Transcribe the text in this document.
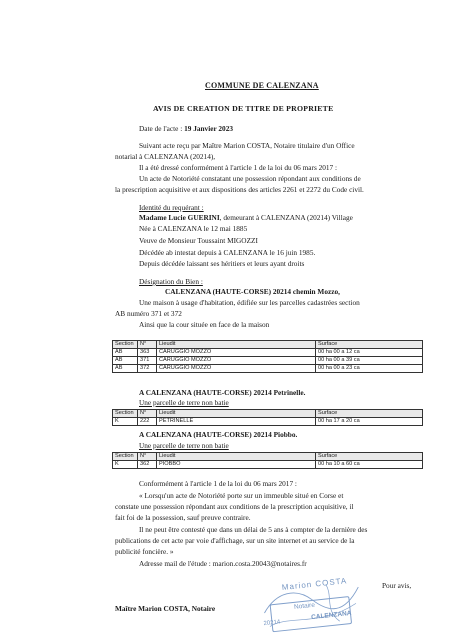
COMMUNE DE CALENZANA
AVIS DE CREATION DE TITRE DE PROPRIETE
Date de l'acte : 19 Janvier 2023
Suivant acte reçu par Maître Marion COSTA, Notaire titulaire d'un Office
notarial à CALENZANA (20214),
Il a été dressé conformément à l'article 1 de la loi du 06 mars 2017 :
Un acte de Notoriété constatant une possession répondant aux conditions de
la prescription acquisitive et aux dispositions des articles 2261 et 2272 du Code civil.
Identité du requérant :
Madame Lucie GUERINI, demeurant à CALENZANA (20214) Village
Née à CALENZANA le 12 mai 1885
Veuve de Monsieur Toussaint MIGOZZI
Décédée ab intestat depuis à CALENZANA le 16 juin 1985.
Depuis décédée laissant ses héritiers et leurs ayant droits
Désignation du Bien :
CALENZANA (HAUTE-CORSE) 20214 chemin Mozzo,
Une maison à usage d'habitation, édifiée sur les parcelles cadastrées section
AB numéro 371 et 372
Ainsi que la cour située en face de la maison
Section	N°	Lieudit	Surface
AB	363	CARUGGIO MOZZO	00 ha 00 a 12 ca
AB	371	CARUGGIO MOZZO	00 ha 00 a 39 ca
AB	372	CARUGGIO MOZZO	00 ha 00 a 23 ca
A CALENZANA (HAUTE-CORSE) 20214 Petrinelle.
Une parcelle de terre non batie
Section	N°	Lieudit	Surface
K	222	PETRINELLE	00 ha 17 a 20 ca
A CALENZANA (HAUTE-CORSE) 20214 Piobbo.
Une parcelle de terre non batie
Section	N°	Lieudit	Surface
K	362	PIOBBO	00 ha 10 a 60 ca
Conformément à l'article 1 de la loi du 06 mars 2017 :
« Lorsqu'un acte de Notoriété porte sur un immeuble situé en Corse et
constate une possession répondant aux conditions de la prescription acquisitive, il
fait foi de la possession, sauf preuve contraire.
Il ne peut être contesté que dans un délai de 5 ans à compter de la dernière des
publications de cet acte par voie d'affichage, sur un site internet et au service de la
publicité foncière. »
Adresse mail de l'étude : marion.costa.20043@notaires.fr
Pour avis,
Maître Marion COSTA, Notaire
Marion COSTA
Notaire
20214
CALENZANA
